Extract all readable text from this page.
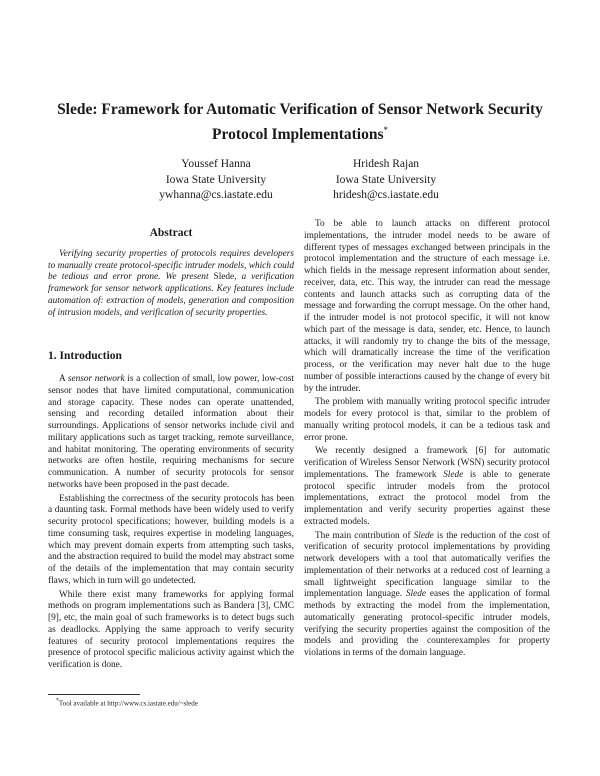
Slede: Framework for Automatic Verification of Sensor Network Security
Protocol Implementations*
Youssef Hanna
Iowa State University
ywhanna@cs.iastate.edu
Hridesh Rajan
Iowa State University
hridesh@cs.iastate.edu
Abstract

Verifying security properties of protocols requires developers to manually create protocol-specific intruder models, which could be tedious and error prone. We present Slede, a verification framework for sensor network applications. Key features include automation of: extraction of models, generation and composition of intrusion models, and verification of security properties.

1. Introduction

A sensor network is a collection of small, low power, low-cost sensor nodes that have limited computational, communication and storage capacity. These nodes can operate unattended, sensing and recording detailed information about their surroundings. Applications of sensor networks include civil and military applications such as target tracking, remote surveillance, and habitat monitoring. The operating environments of security networks are often hostile, requiring mechanisms for secure communication. A number of security protocols for sensor networks have been proposed in the past decade.

Establishing the correctness of the security protocols has been a daunting task. Formal methods have been widely used to verify security protocol specifications; however, building models is a time consuming task, requires expertise in modeling languages, which may prevent domain experts from attempting such tasks, and the abstraction required to build the model may abstract some of the details of the implementation that may contain security flaws, which in turn will go undetected.

While there exist many frameworks for applying formal methods on program implementations such as Bandera [3], CMC [9], etc, the main goal of such frameworks is to detect bugs such as deadlocks. Applying the same approach to verify security features of security protocol implementations requires the presence of protocol specific malicious activity against which the verification is done.

To be able to launch attacks on different protocol implementations, the intruder model needs to be aware of different types of messages exchanged between principals in the protocol implementation and the structure of each message i.e. which fields in the message represent information about sender, receiver, data, etc. This way, the intruder can read the message contents and launch attacks such as corrupting data of the message and forwarding the corrupt message. On the other hand, if the intruder model is not protocol specific, it will not know which part of the message is data, sender, etc. Hence, to launch attacks, it will randomly try to change the bits of the message, which will dramatically increase the time of the verification process, or the verification may never halt due to the huge number of possible interactions caused by the change of every bit by the intruder.

The problem with manually writing protocol specific intruder models for every protocol is that, similar to the problem of manually writing protocol models, it can be a tedious task and error prone.

We recently designed a framework [6] for automatic verification of Wireless Sensor Network (WSN) security protocol implementations. The framework Slede is able to generate protocol specific intruder models from the protocol implementations, extract the protocol model from the implementation and verify security properties against these extracted models.

The main contribution of Slede is the reduction of the cost of verification of security protocol implementations by providing network developers with a tool that automatically verifies the implementation of their networks at a reduced cost of learning a small lightweight specification language similar to the implementation language. Slede eases the application of formal methods by extracting the model from the implementation, automatically generating protocol-specific intruder models, verifying the security properties against the composition of the models and providing the counterexamples for property violations in terms of the domain language.

*Tool available at http://www.cs.iastate.edu/~slede
